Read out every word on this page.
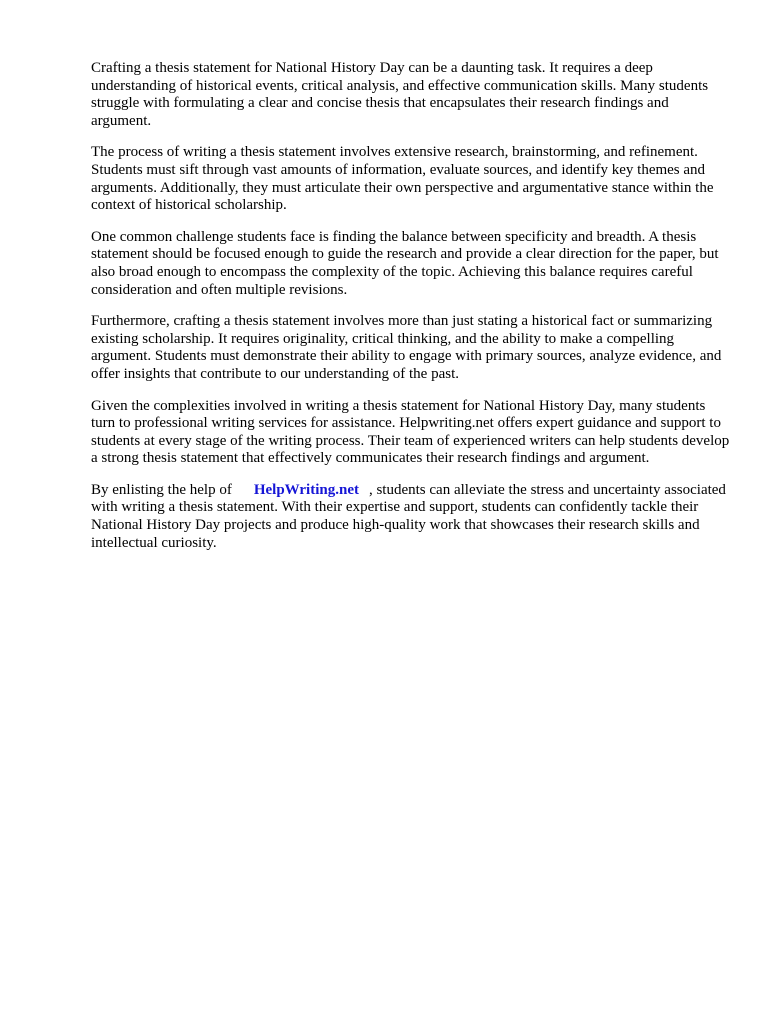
Crafting a thesis statement for National History Day can be a daunting task. It requires a deep understanding of historical events, critical analysis, and effective communication skills. Many students struggle with formulating a clear and concise thesis that encapsulates their research findings and argument.

The process of writing a thesis statement involves extensive research, brainstorming, and refinement. Students must sift through vast amounts of information, evaluate sources, and identify key themes and arguments. Additionally, they must articulate their own perspective and argumentative stance within the context of historical scholarship.

One common challenge students face is finding the balance between specificity and breadth. A thesis statement should be focused enough to guide the research and provide a clear direction for the paper, but also broad enough to encompass the complexity of the topic. Achieving this balance requires careful consideration and often multiple revisions.

Furthermore, crafting a thesis statement involves more than just stating a historical fact or summarizing existing scholarship. It requires originality, critical thinking, and the ability to make a compelling argument. Students must demonstrate their ability to engage with primary sources, analyze evidence, and offer insights that contribute to our understanding of the past.

Given the complexities involved in writing a thesis statement for National History Day, many students turn to professional writing services for assistance. Helpwriting.net offers expert guidance and support to students at every stage of the writing process. Their team of experienced writers can help students develop a strong thesis statement that effectively communicates their research findings and argument.

By enlisting the help of HelpWriting.net , students can alleviate the stress and uncertainty associated with writing a thesis statement. With their expertise and support, students can confidently tackle their National History Day projects and produce high-quality work that showcases their research skills and intellectual curiosity.
